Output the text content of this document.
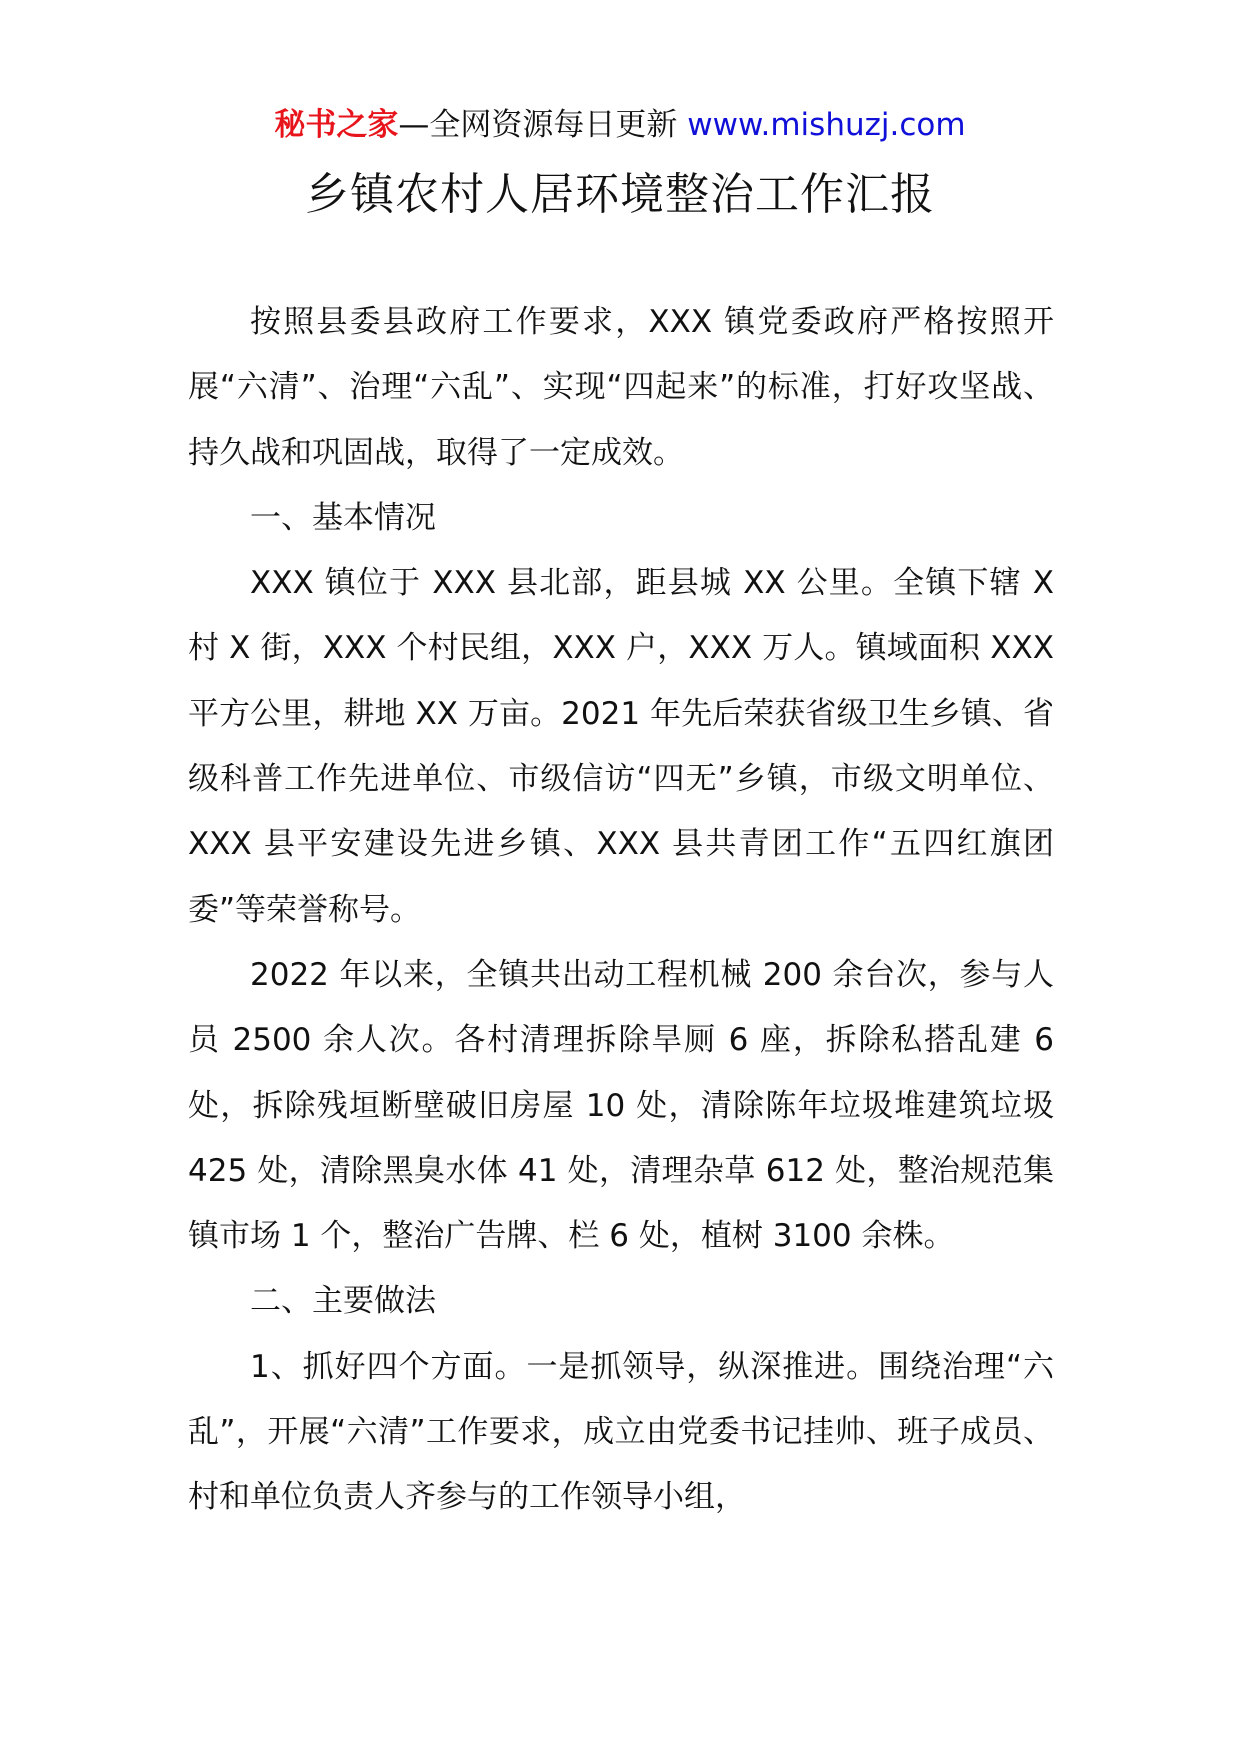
秘书之家—全网资源每日更新 www.mishuzj.com
乡镇农村人居环境整治工作汇报

按照县委县政府工作要求，XXX 镇党委政府严格按照开展“六清”、治理“六乱”、实现“四起来”的标准，打好攻坚战、持久战和巩固战，取得了一定成效。

一、基本情况

XXX 镇位于 XXX 县北部，距县城 XX 公里。全镇下辖 X 村 X 街，XXX 个村民组，XXX 户，XXX 万人。镇域面积 XXX 平方公里，耕地 XX 万亩。2021 年先后荣获省级卫生乡镇、省级科普工作先进单位、市级信访“四无”乡镇，市级文明单位、XXX 县平安建设先进乡镇、XXX 县共青团工作“五四红旗团委”等荣誉称号。

2022 年以来，全镇共出动工程机械 200 余台次，参与人员 2500 余人次。各村清理拆除旱厕 6 座，拆除私搭乱建 6 处，拆除残垣断壁破旧房屋 10 处，清除陈年垃圾堆建筑垃圾 425 处，清除黑臭水体 41 处，清理杂草 612 处，整治规范集镇市场 1 个，整治广告牌、栏 6 处，植树 3100 余株。

二、主要做法

1、抓好四个方面。一是抓领导，纵深推进。围绕治理“六乱”，开展“六清”工作要求，成立由党委书记挂帅、班子成员、村和单位负责人齐参与的工作领导小组，
